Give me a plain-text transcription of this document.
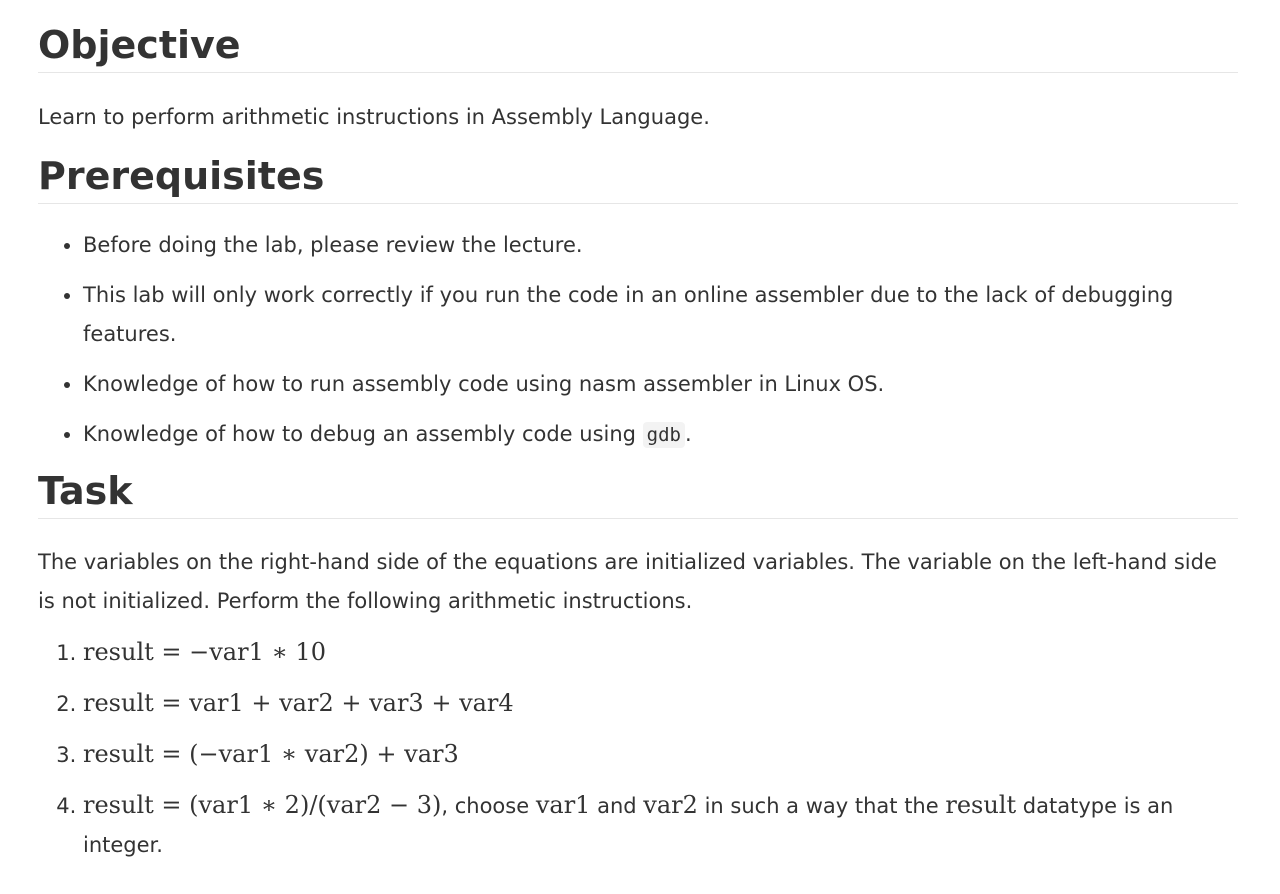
Objective

Learn to perform arithmetic instructions in Assembly Language.

Prerequisites
• Before doing the lab, please review the lecture.
• This lab will only work correctly if you run the code in an online assembler due to the lack of debugging features.
• Knowledge of how to run assembly code using nasm assembler in Linux OS.
• Knowledge of how to debug an assembly code using gdb .
Task

The variables on the right-hand side of the equations are initialized variables. The variable on the left-hand side is not initialized. Perform the following arithmetic instructions.

1. result = −var1 ∗ 10
2. result = var1 + var2 + var3 + var4
3. result = (−var1 ∗ var2) + var3
4. result = (var1 ∗ 2)/(var2 − 3), choose var1 and var2 in such a way that the result datatype is an integer.
